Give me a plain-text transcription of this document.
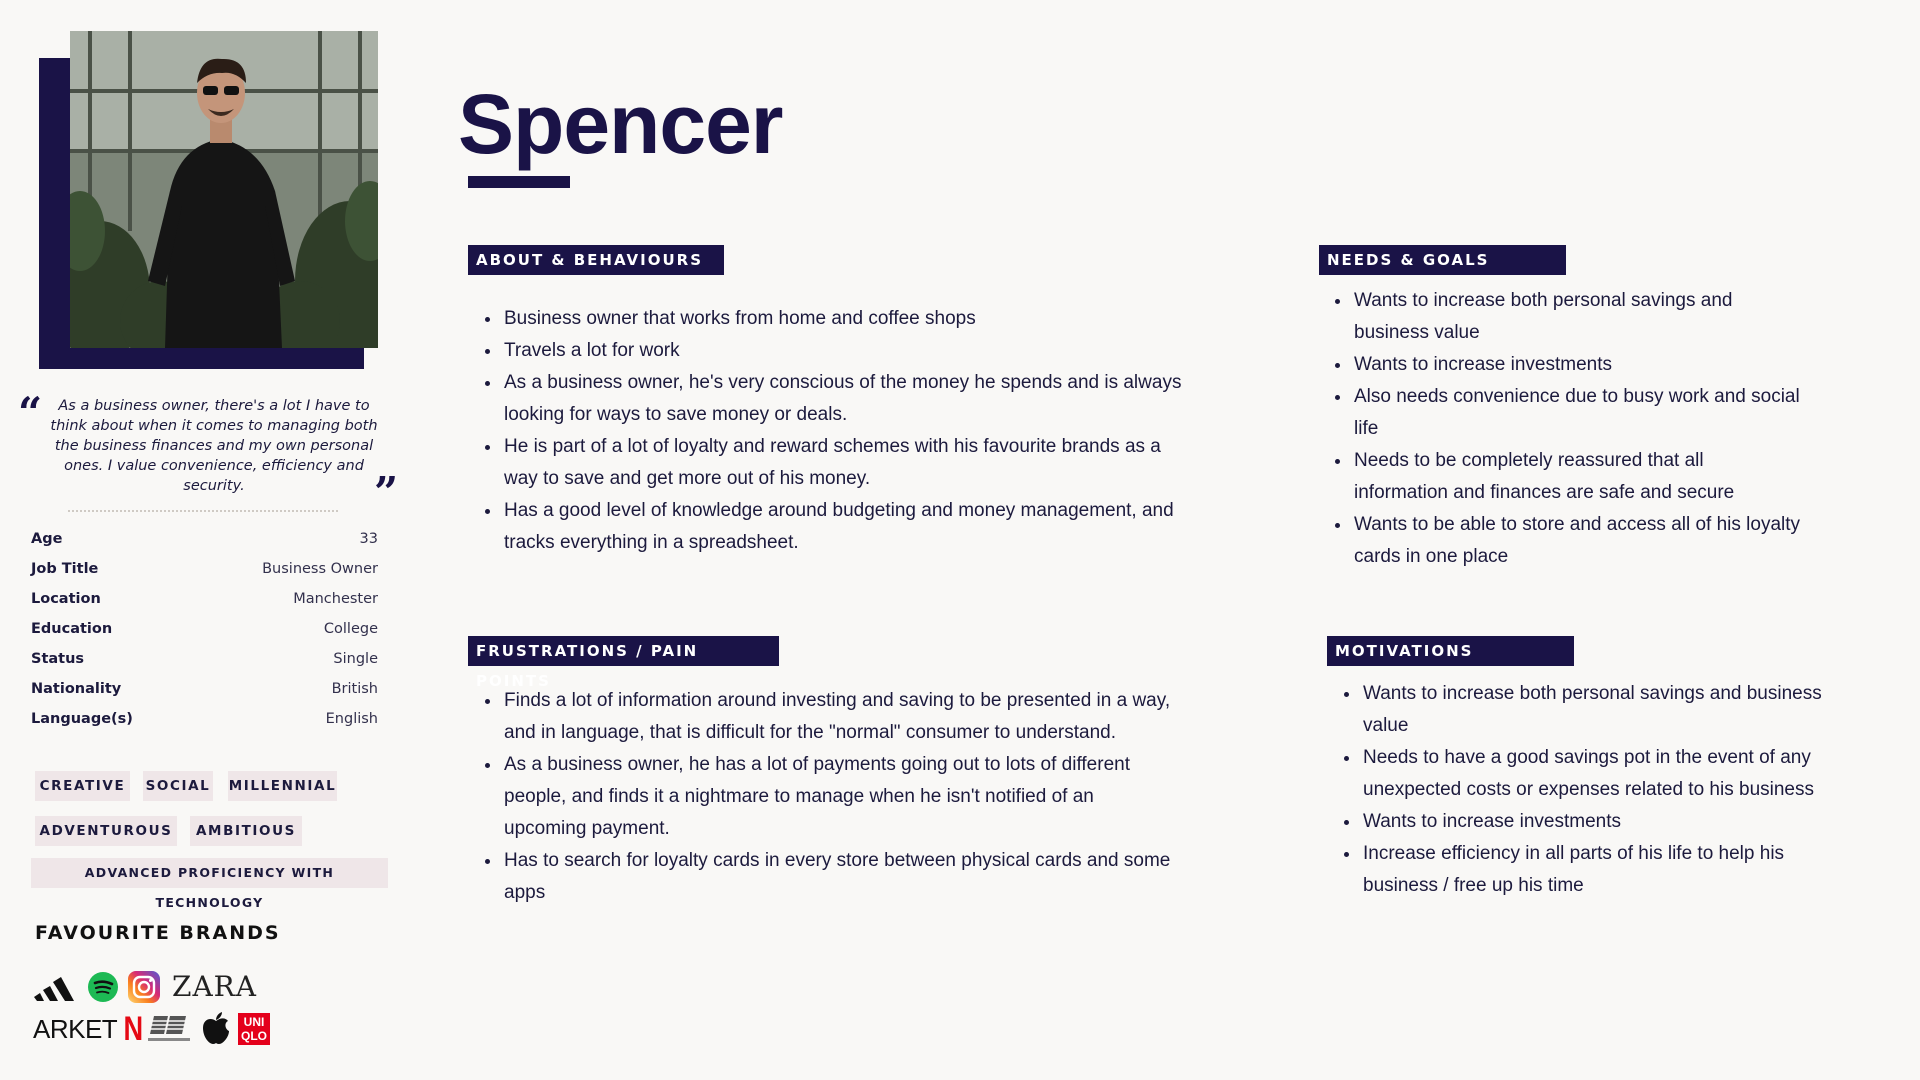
“	As a business owner, there's a lot I have to think about when it comes to managing both the business finances and my own personal ones. I value convenience, efficiency and security.	”
Age	33
Job Title	Business Owner
Location	Manchester
Education	College
Status	Single
Nationality	British
Language(s)	English
CREATIVE	SOCIAL MILLENNIAL
ADVENTUROUS	AMBITIOUS
ADVANCED PROFICIENCY WITH TECHNOLOGY
FAVOURITE BRANDS
ZARA
ARKET N	UNI
QLO
Spencer
ABOUT & BEHAVIOURS
• Business owner that works from home and coffee shops
• Travels a lot for work
• As a business owner, he's very conscious of the money he spends and is always looking for ways to save money or deals.
• He is part of a lot of loyalty and reward schemes with his favourite brands as a way to save and get more out of his money.
• Has a good level of knowledge around budgeting and money management, and tracks everything in a spreadsheet.
NEEDS & GOALS
• Wants to increase both personal savings and business value
• Wants to increase investments
• Also needs convenience due to busy work and social life
• Needs to be completely reassured that all information and finances are safe and secure
• Wants to be able to store and access all of his loyalty cards in one place
FRUSTRATIONS / PAIN POINTS
• Finds a lot of information around investing and saving to be presented in a way, and in language, that is difficult for the "normal" consumer to understand.
• As a business owner, he has a lot of payments going out to lots of different people, and finds it a nightmare to manage when he isn't notified of an upcoming payment.
• Has to search for loyalty cards in every store between physical cards and some apps
MOTIVATIONS
• Wants to increase both personal savings and business value
• Needs to have a good savings pot in the event of any unexpected costs or expenses related to his business
• Wants to increase investments
• Increase efficiency in all parts of his life to help his business / free up his time
